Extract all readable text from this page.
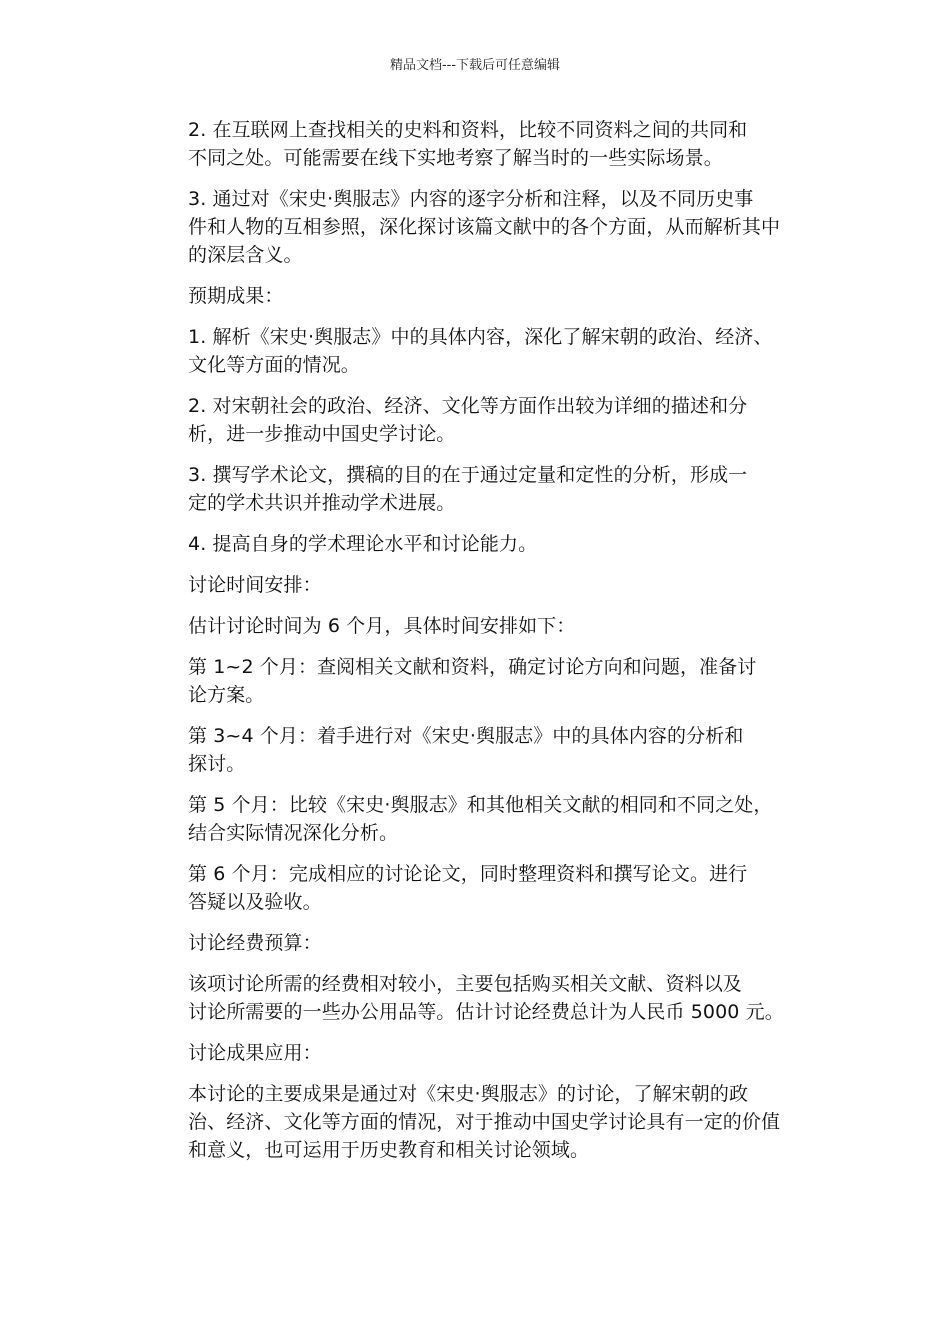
精品文档---下载后可任意编辑

2. 在互联网上查找相关的史料和资料，比较不同资料之间的共同和
不同之处。可能需要在线下实地考察了解当时的一些实际场景。

3. 通过对《宋史·舆服志》内容的逐字分析和注释，以及不同历史事
件和人物的互相参照，深化探讨该篇文献中的各个方面，从而解析其中
的深层含义。

预期成果：

1. 解析《宋史·舆服志》中的具体内容，深化了解宋朝的政治、经济、
文化等方面的情况。

2. 对宋朝社会的政治、经济、文化等方面作出较为详细的描述和分
析，进一步推动中国史学讨论。

3. 撰写学术论文，撰稿的目的在于通过定量和定性的分析，形成一
定的学术共识并推动学术进展。

4. 提高自身的学术理论水平和讨论能力。

讨论时间安排：

估计讨论时间为 6 个月，具体时间安排如下：

第 1~2 个月：查阅相关文献和资料，确定讨论方向和问题，准备讨
论方案。

第 3~4 个月：着手进行对《宋史·舆服志》中的具体内容的分析和
探讨。

第 5 个月：比较《宋史·舆服志》和其他相关文献的相同和不同之处，
结合实际情况深化分析。

第 6 个月：完成相应的讨论论文，同时整理资料和撰写论文。进行
答疑以及验收。

讨论经费预算：

该项讨论所需的经费相对较小，主要包括购买相关文献、资料以及
讨论所需要的一些办公用品等。估计讨论经费总计为人民币 5000 元。

讨论成果应用：

本讨论的主要成果是通过对《宋史·舆服志》的讨论，了解宋朝的政
治、经济、文化等方面的情况，对于推动中国史学讨论具有一定的价值
和意义，也可运用于历史教育和相关讨论领域。
